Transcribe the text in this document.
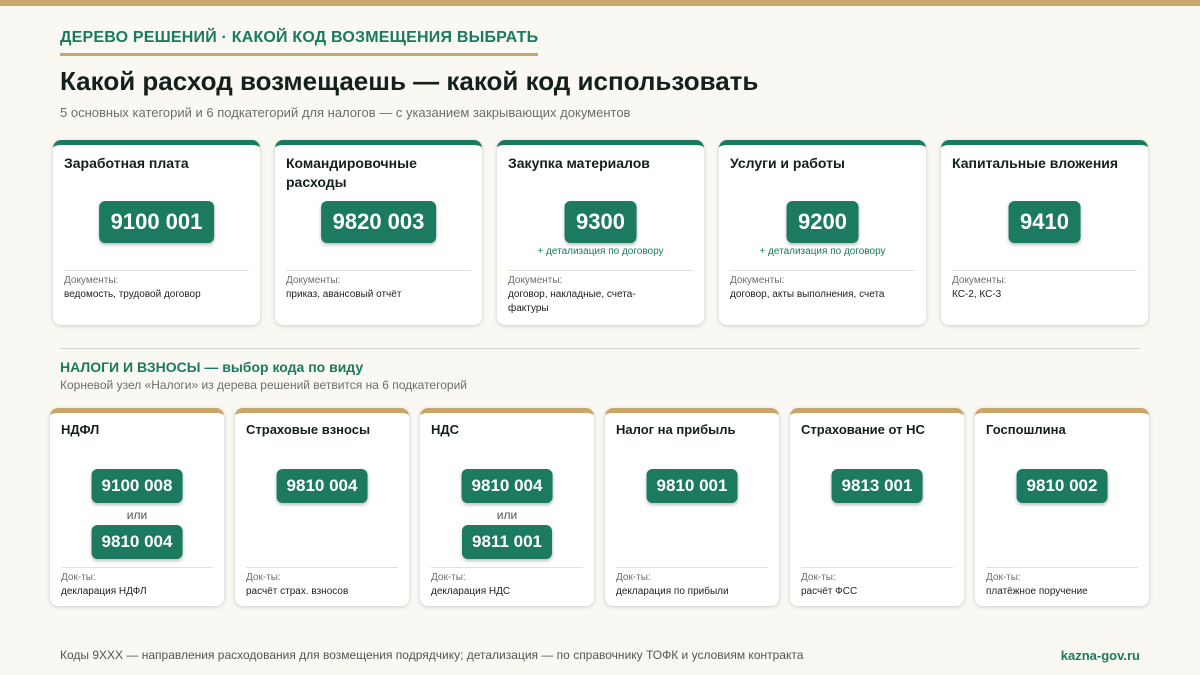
ДЕРЕВО РЕШЕНИЙ · КАКОЙ КОД ВОЗМЕЩЕНИЯ ВЫБРАТЬ
Какой расход возмещаешь — какой код использовать
5 основных категорий и 6 подкатегорий для налогов — с указанием закрывающих документов
Заработная плата
9100 001
Документы:
ведомость, трудовой договор
Командировочные расходы
9820 003
Документы:
приказ, авансовый отчёт
Закупка материалов
9300
+ детализация по договору
Документы:
договор, накладные, счета-фактуры
Услуги и работы
9200
+ детализация по договору
Документы:
договор, акты выполнения, счета
Капитальные вложения
9410
Документы:
КС-2, КС-3
НАЛОГИ И ВЗНОСЫ — выбор кода по виду
Корневой узел «Налоги» из дерева решений ветвится на 6 подкатегорий
НДФЛ
9100 008
или
9810 004
Док-ты:
декларация НДФЛ
Страховые взносы
9810 004
Док-ты:
расчёт страх. взносов
НДС
9810 004
или
9811 001
Док-ты:
декларация НДС
Налог на прибыль
9810 001
Док-ты:
декларация по прибыли
Страхование от НС
9813 001
Док-ты:
расчёт ФСС
Госпошлина
9810 002
Док-ты:
платёжное поручение
Коды 9XXX — направления расходования для возмещения подрядчику; детализация — по справочнику ТОФК и условиям контракта	kazna-gov.ru
